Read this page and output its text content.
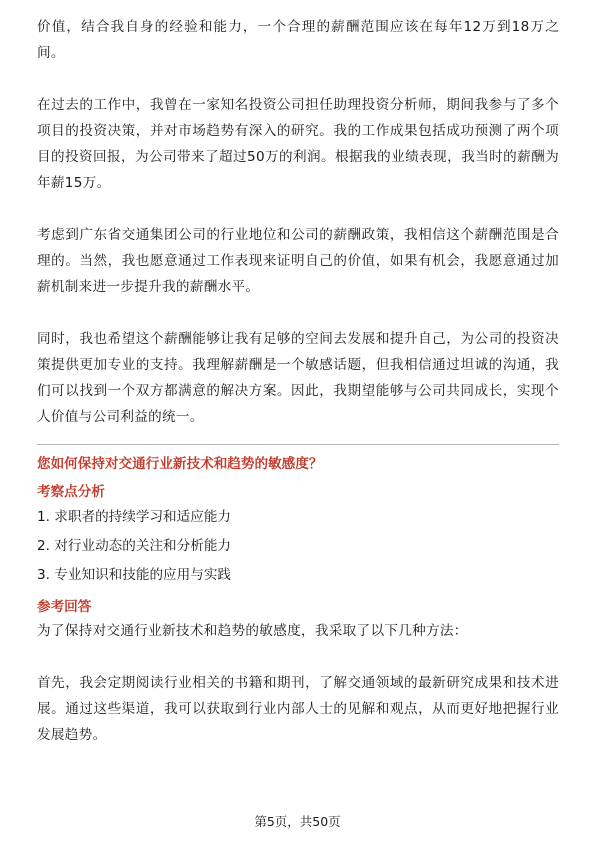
价值，结合我自身的经验和能力，一个合理的薪酬范围应该在每年12万到18万之间。

在过去的工作中，我曾在一家知名投资公司担任助理投资分析师，期间我参与了多个项目的投资决策，并对市场趋势有深入的研究。我的工作成果包括成功预测了两个项目的投资回报，为公司带来了超过50万的利润。根据我的业绩表现，我当时的薪酬为年薪15万。

考虑到广东省交通集团公司的行业地位和公司的薪酬政策，我相信这个薪酬范围是合理的。当然，我也愿意通过工作表现来证明自己的价值，如果有机会，我愿意通过加薪机制来进一步提升我的薪酬水平。

同时，我也希望这个薪酬能够让我有足够的空间去发展和提升自己，为公司的投资决策提供更加专业的支持。我理解薪酬是一个敏感话题，但我相信通过坦诚的沟通，我们可以找到一个双方都满意的解决方案。因此，我期望能够与公司共同成长，实现个人价值与公司利益的统一。

您如何保持对交通行业新技术和趋势的敏感度？

考察点分析

1. 求职者的持续学习和适应能力

2. 对行业动态的关注和分析能力

3. 专业知识和技能的应用与实践

参考回答

为了保持对交通行业新技术和趋势的敏感度，我采取了以下几种方法：

首先，我会定期阅读行业相关的书籍和期刊，了解交通领域的最新研究成果和技术进展。通过这些渠道，我可以获取到行业内部人士的见解和观点，从而更好地把握行业发展趋势。

第5页，共50页
